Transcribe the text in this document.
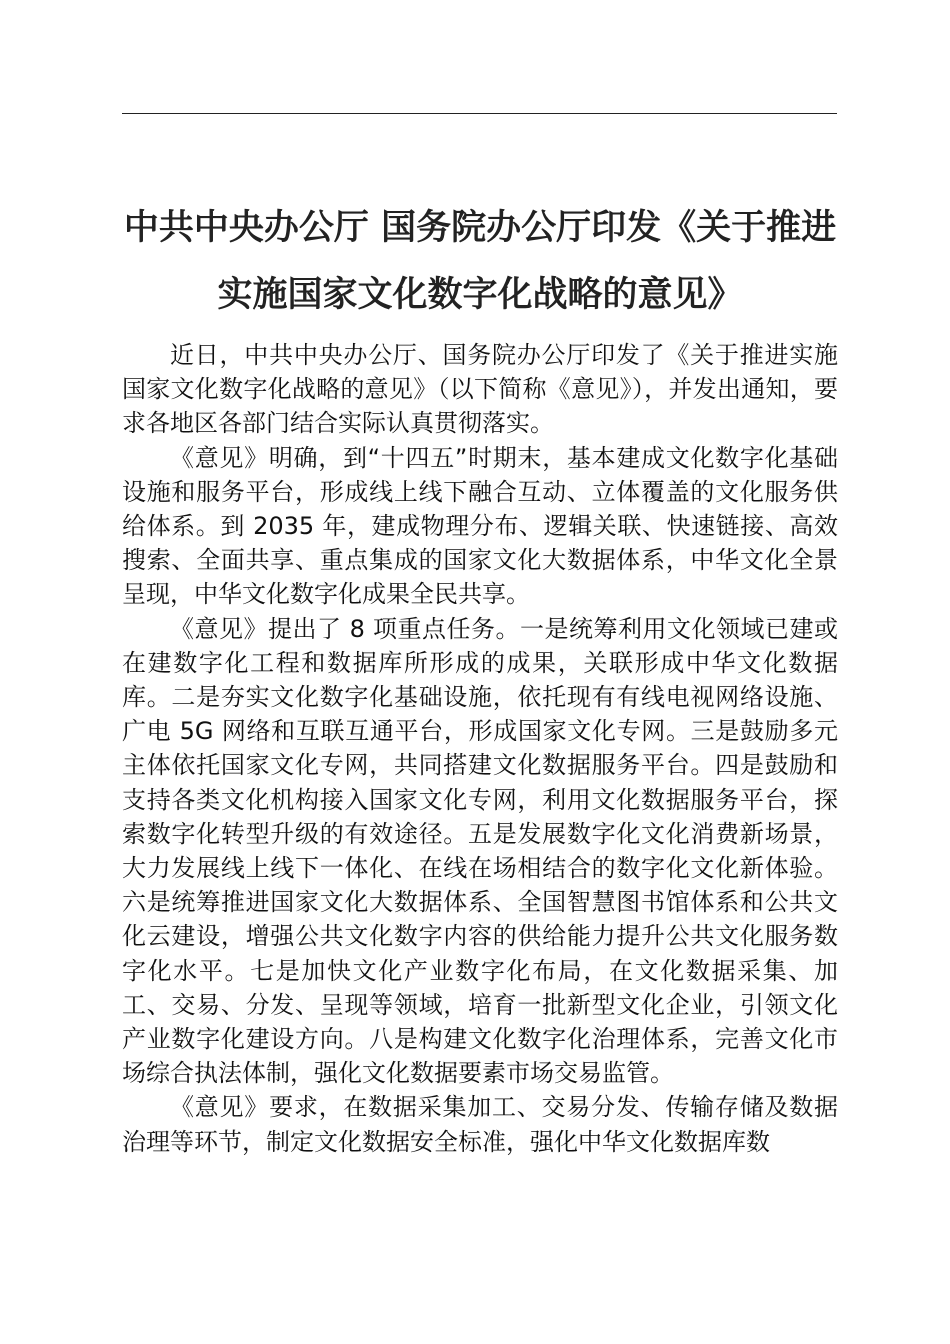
中共中央办公厅 国务院办公厅印发《关于推进
实施国家文化数字化战略的意见》

近日，中共中央办公厅、国务院办公厅印发了《关于推进实施国家文化数字化战略的意见》（以下简称《意见》），并发出通知，要求各地区各部门结合实际认真贯彻落实。

《意见》明确，到“十四五”时期末，基本建成文化数字化基础设施和服务平台，形成线上线下融合互动、立体覆盖的文化服务供给体系。到 2035 年，建成物理分布、逻辑关联、快速链接、高效搜索、全面共享、重点集成的国家文化大数据体系，中华文化全景呈现，中华文化数字化成果全民共享。

《意见》提出了 8 项重点任务。一是统筹利用文化领域已建或在建数字化工程和数据库所形成的成果，关联形成中华文化数据库。二是夯实文化数字化基础设施，依托现有有线电视网络设施、广电 5G 网络和互联互通平台，形成国家文化专网。三是鼓励多元主体依托国家文化专网，共同搭建文化数据服务平台。四是鼓励和支持各类文化机构接入国家文化专网，利用文化数据服务平台，探索数字化转型升级的有效途径。五是发展数字化文化消费新场景，大力发展线上线下一体化、在线在场相结合的数字化文化新体验。六是统筹推进国家文化大数据体系、全国智慧图书馆体系和公共文化云建设，增强公共文化数字内容的供给能力提升公共文化服务数字化水平。七是加快文化产业数字化布局，在文化数据采集、加工、交易、分发、呈现等领域，培育一批新型文化企业，引领文化产业数字化建设方向。八是构建文化数字化治理体系，完善文化市场综合执法体制，强化文化数据要素市场交易监管。

《意见》要求，在数据采集加工、交易分发、传输存储及数据治理等环节，制定文化数据安全标准，强化中华文化数据库数
